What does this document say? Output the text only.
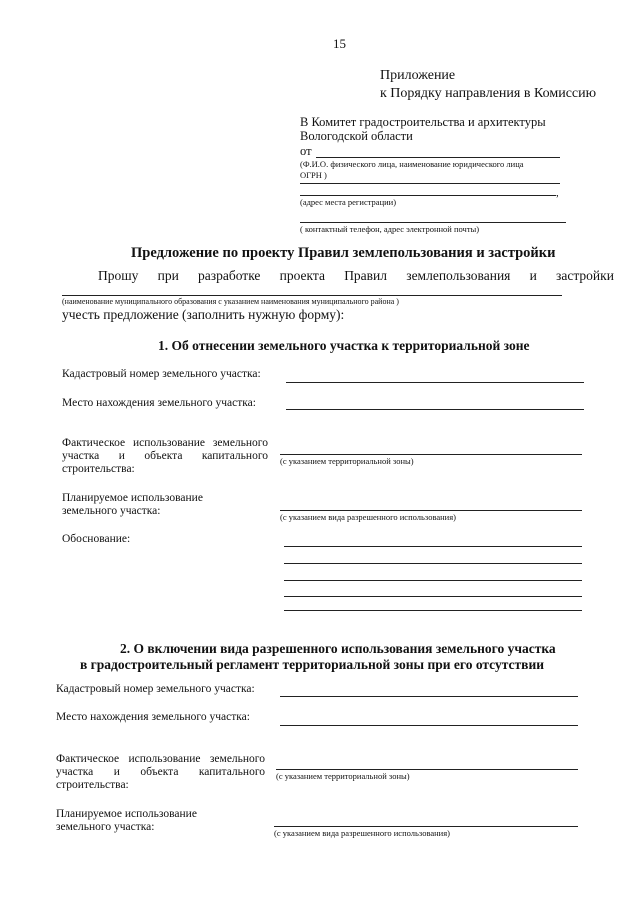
15
Приложение
к Порядку направления в Комиссию
В Комитет градостроительства и архитектуры
Вологодской области
от
(Ф.И.О. физического лица, наименование юридического лица
ОГРН )
,
(адрес места регистрации)
( контактный телефон, адрес электронной почты)
Предложение по проекту Правил землепользования и застройки
Прошу при разработке проекта Правил землепользования и застройки
(наименование муниципального образования с указанием наименования муниципального района )
учесть предложение (заполнить нужную форму):
1. Об отнесении земельного участка к территориальной зоне
Кадастровый номер земельного участка:
Место нахождения земельного участка:
Фактическое использование земельного
участка и объекта капитального
строительства:
(с указанием территориальной зоны)
Планируемое использование
земельного участка:	(с указанием вида разрешенного использования)
Обоснование:
2. О включении вида разрешенного использования земельного участка
в градостроительный регламент территориальной зоны при его отсутствии
Кадастровый номер земельного участка:
Место нахождения земельного участка:
Фактическое использование земельного
участка и объекта капитального
строительства:
(с указанием территориальной зоны)
Планируемое использование
земельного участка:	(с указанием вида разрешенного использования)
